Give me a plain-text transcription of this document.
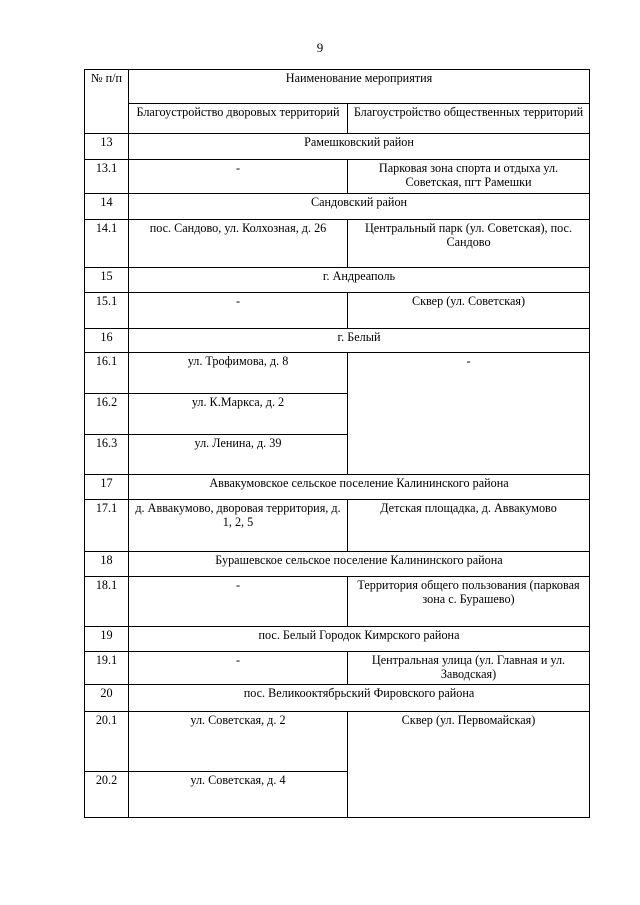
9
№ п/п	Наименование мероприятия	
	Благоустройство дворовых территорий	Благоустройство общественных территорий
13	Рамешковский район	
13.1	-	Парковая зона спорта и отдыха ул. Советская, пгт Рамешки
14	Сандовский район	
14.1	пос. Сандово, ул. Колхозная, д. 26	Центральный парк (ул. Советская), пос. Сандово
15	г. Андреаполь	
15.1	-	Сквер (ул. Советская)
16	г. Белый	
16.1	ул. Трофимова, д. 8	-
16.2	ул. К.Маркса, д. 2	
16.3	ул. Ленина, д. 39	
17	Аввакумовское сельское поселение Калининского района	
17.1	д. Аввакумово, дворовая территория, д. 1, 2, 5	Детская площадка, д. Аввакумово
18	Бурашевское сельское поселение Калининского района	
18.1	-	Территория общего пользования (парковая зона с. Бурашево)
19	пос. Белый Городок Кимрского района	
19.1	-	Центральная улица (ул. Главная и ул. Заводская)
20	пос. Великооктябрьский Фировского района	
20.1	ул. Советская, д. 2	Сквер (ул. Первомайская)
20.2	ул. Советская, д. 4	
